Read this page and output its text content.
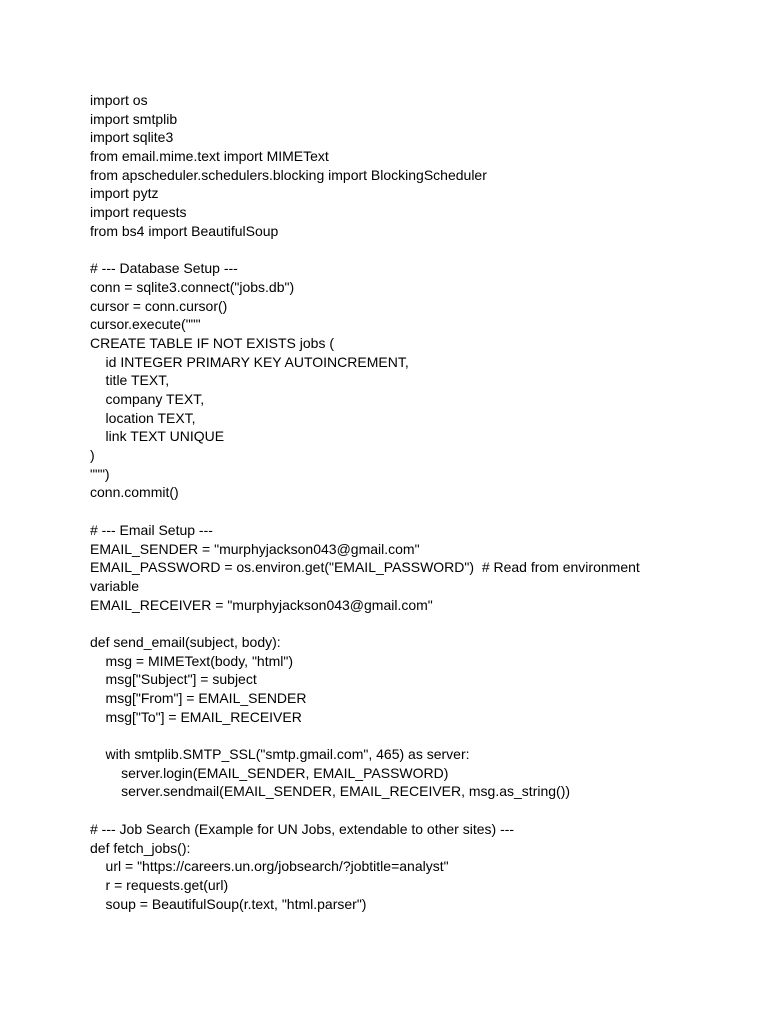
import os
import smtplib
import sqlite3
from email.mime.text import MIMEText
from apscheduler.schedulers.blocking import BlockingScheduler
import pytz
import requests
from bs4 import BeautifulSoup
# --- Database Setup ---
conn = sqlite3.connect("jobs.db")
cursor = conn.cursor()
cursor.execute("""
CREATE TABLE IF NOT EXISTS jobs (
id INTEGER PRIMARY KEY AUTOINCREMENT,
title TEXT,
company TEXT,
location TEXT,
link TEXT UNIQUE
)
""")
conn.commit()
# --- Email Setup ---
EMAIL_SENDER = "murphyjackson043@gmail.com"
EMAIL_PASSWORD = os.environ.get("EMAIL_PASSWORD")  # Read from environment
variable
EMAIL_RECEIVER = "murphyjackson043@gmail.com"
def send_email(subject, body):
msg = MIMEText(body, "html")
msg["Subject"] = subject
msg["From"] = EMAIL_SENDER
msg["To"] = EMAIL_RECEIVER
with smtplib.SMTP_SSL("smtp.gmail.com", 465) as server:
server.login(EMAIL_SENDER, EMAIL_PASSWORD)
server.sendmail(EMAIL_SENDER, EMAIL_RECEIVER, msg.as_string())
# --- Job Search (Example for UN Jobs, extendable to other sites) ---
def fetch_jobs():
url = "https://careers.un.org/jobsearch/?jobtitle=analyst"
r = requests.get(url)
soup = BeautifulSoup(r.text, "html.parser")
